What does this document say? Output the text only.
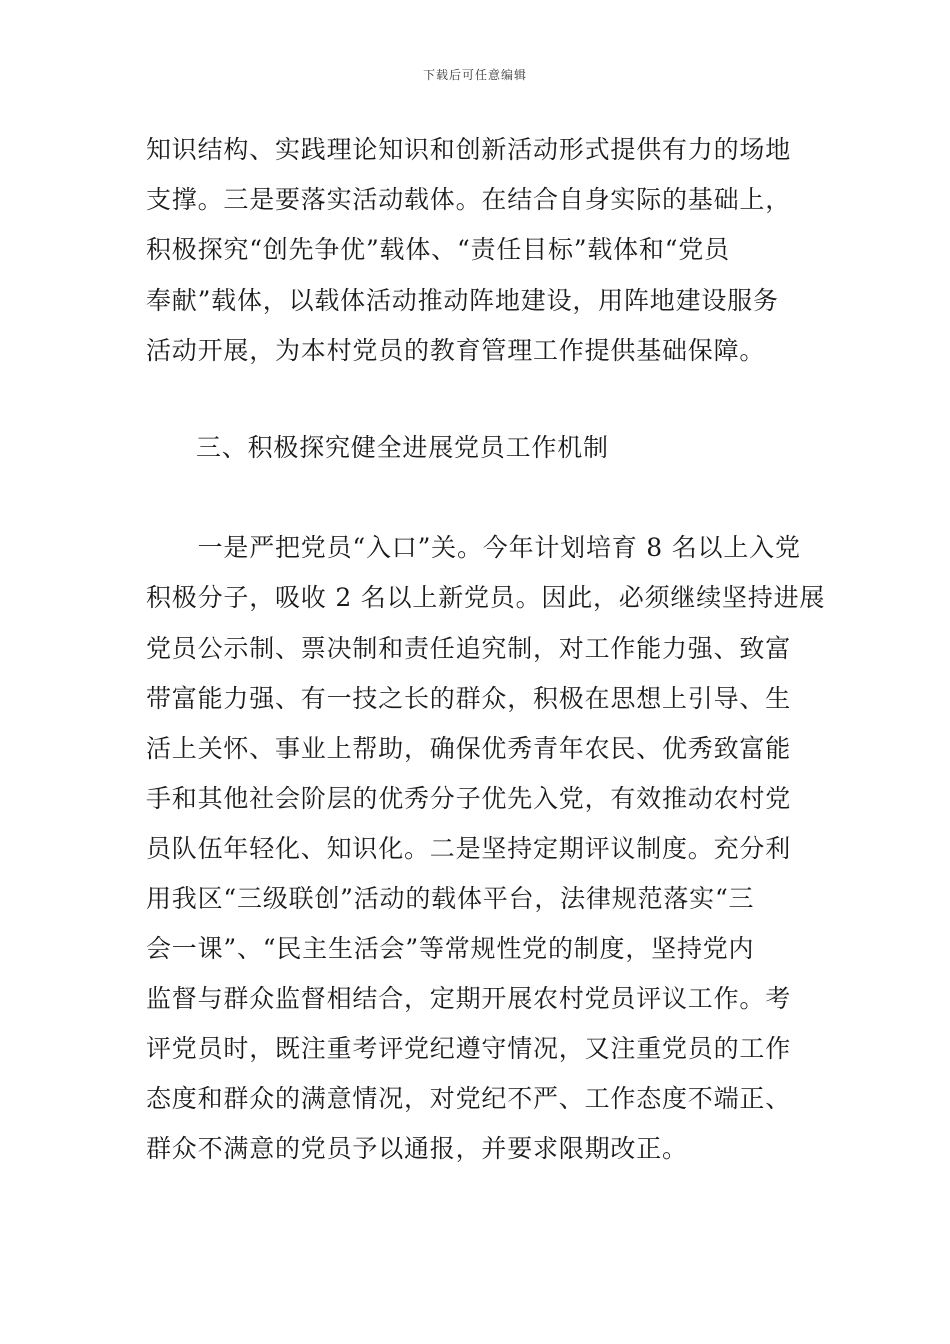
下载后可任意编辑
知识结构、实践理论知识和创新活动形式提供有力的场地
支撑。三是要落实活动载体。在结合自身实际的基础上，
积极探究“创先争优”载体、“责任目标”载体和“党员
奉献”载体，以载体活动推动阵地建设，用阵地建设服务
活动开展，为本村党员的教育管理工作提供基础保障。
三、积极探究健全进展党员工作机制
　　一是严把党员“入口”关。今年计划培育 8 名以上入党
积极分子，吸收 2 名以上新党员。因此，必须继续坚持进展
党员公示制、票决制和责任追究制，对工作能力强、致富
带富能力强、有一技之长的群众，积极在思想上引导、生
活上关怀、事业上帮助，确保优秀青年农民、优秀致富能
手和其他社会阶层的优秀分子优先入党，有效推动农村党
员队伍年轻化、知识化。二是坚持定期评议制度。充分利
用我区“三级联创”活动的载体平台，法律规范落实“三
会一课”、“民主生活会”等常规性党的制度，坚持党内
监督与群众监督相结合，定期开展农村党员评议工作。考
评党员时，既注重考评党纪遵守情况，又注重党员的工作
态度和群众的满意情况，对党纪不严、工作态度不端正、
群众不满意的党员予以通报，并要求限期改正。
